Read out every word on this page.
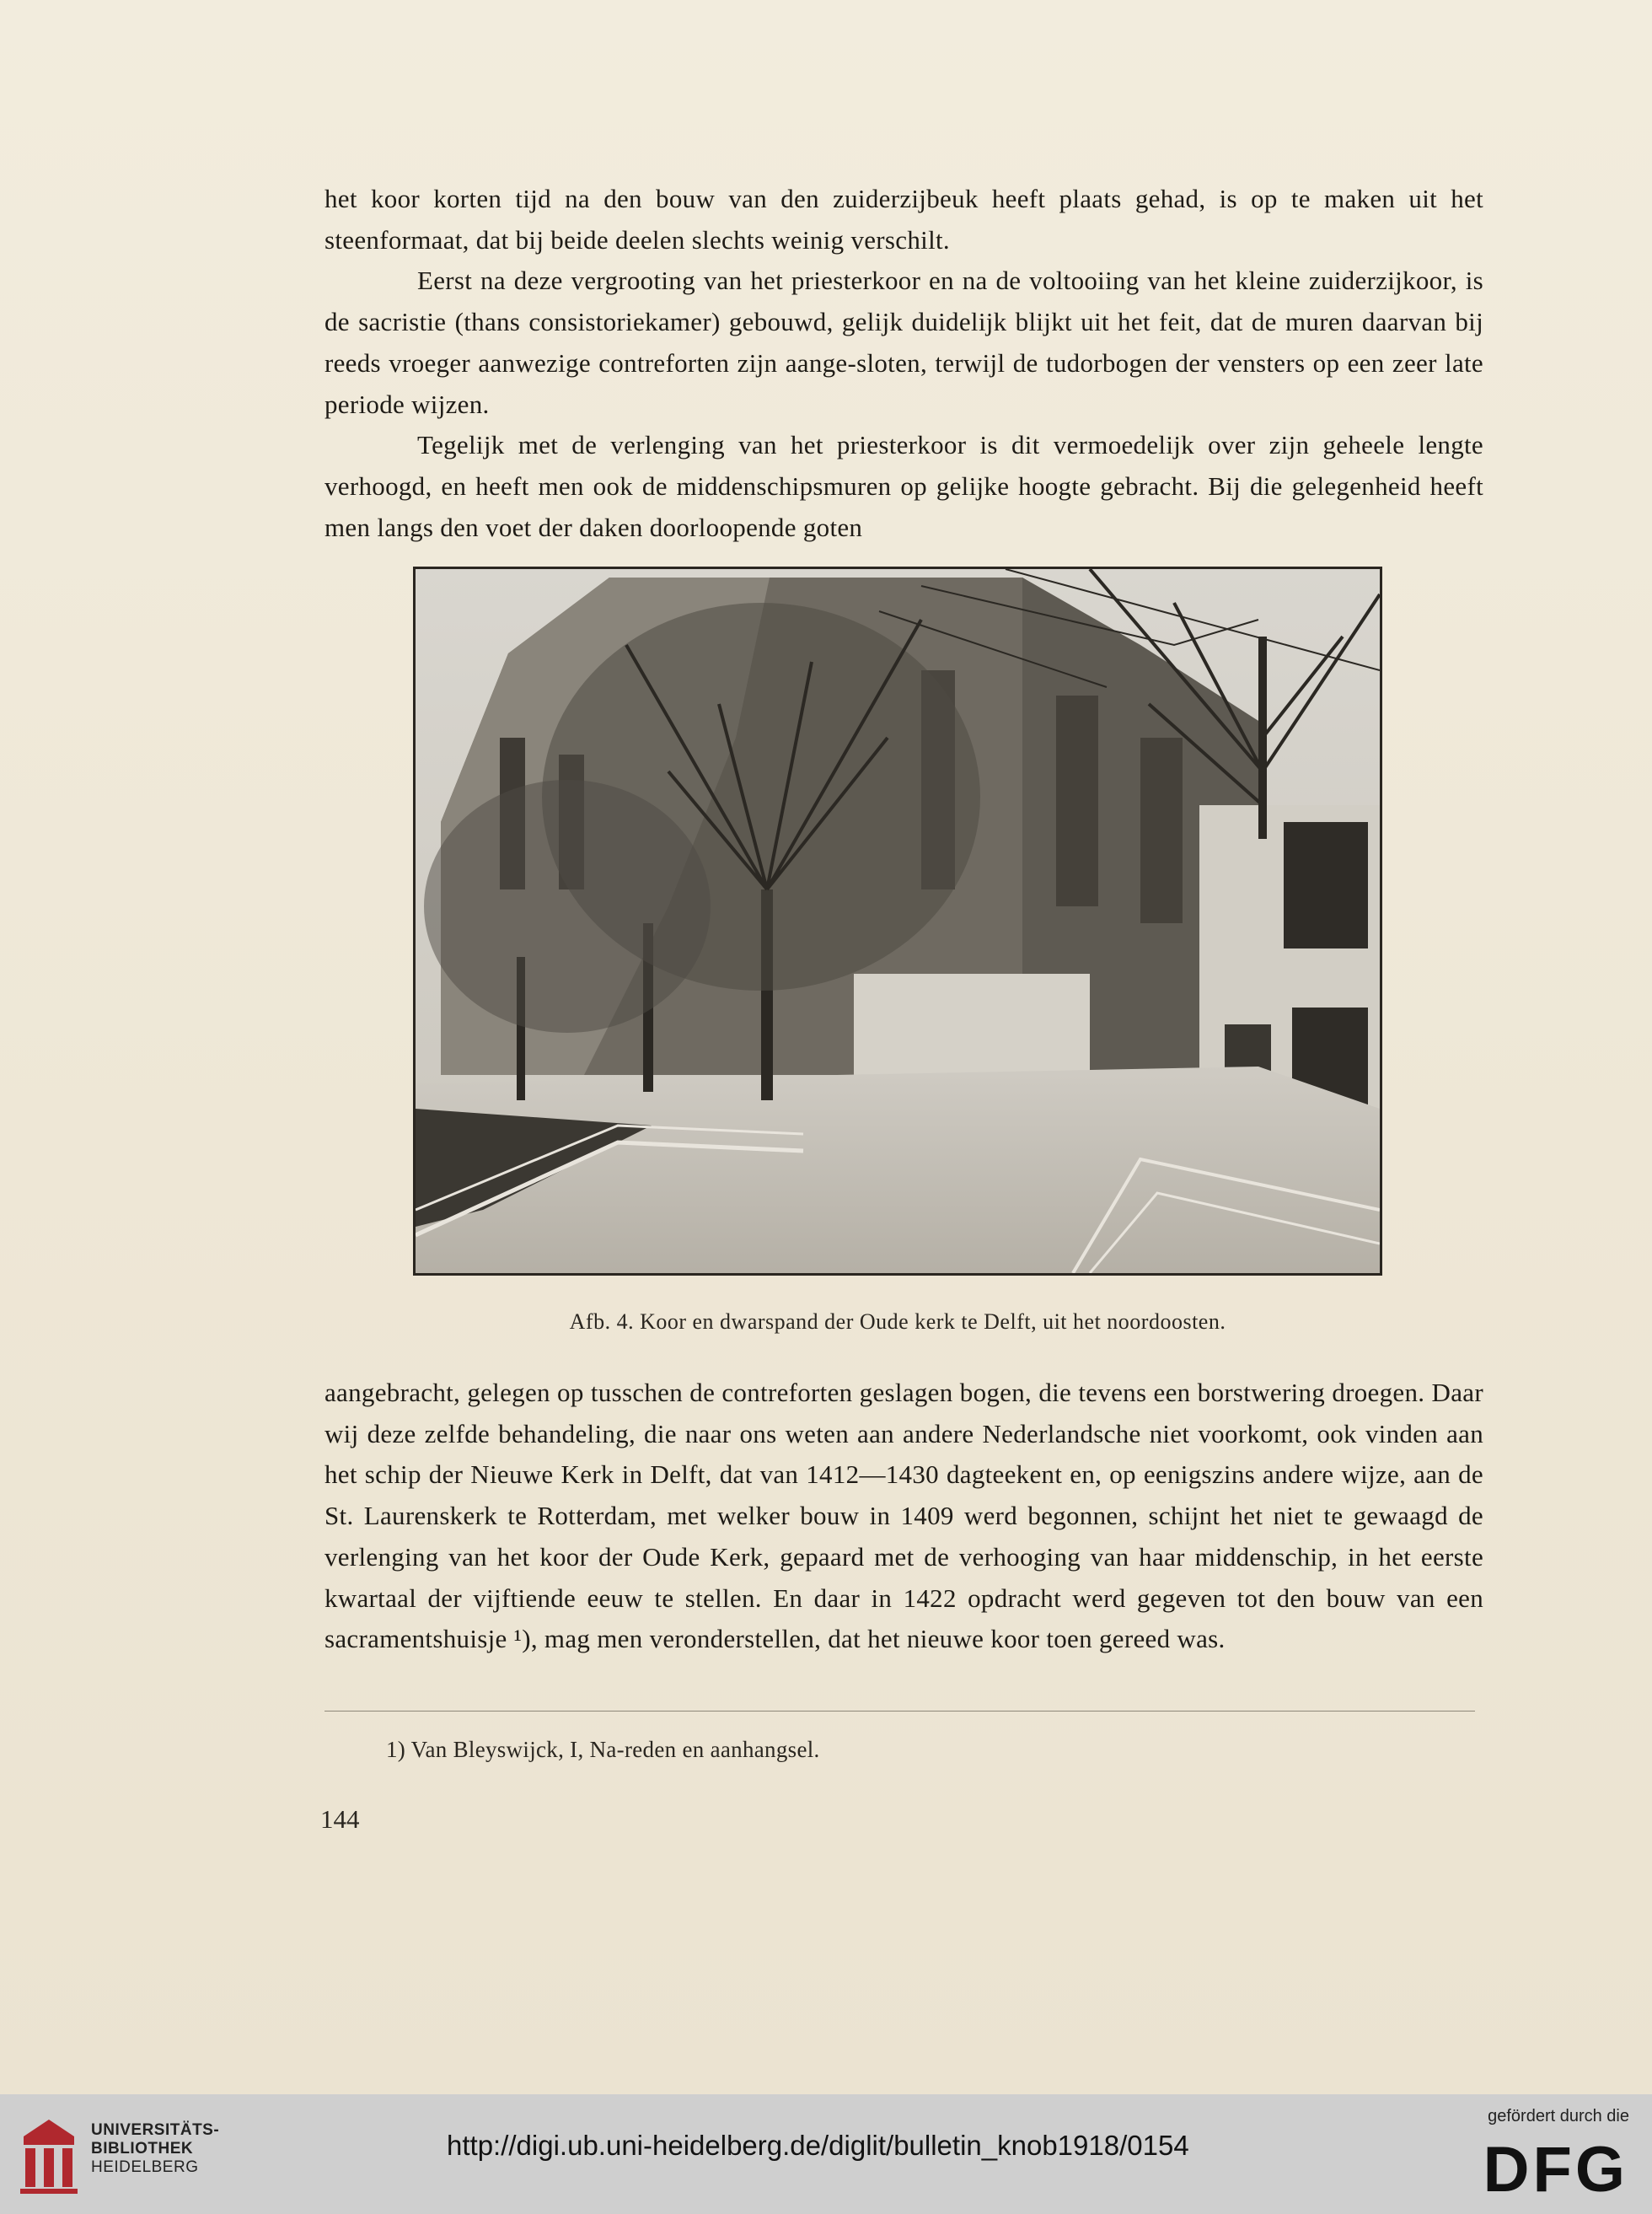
het koor korten tijd na den bouw van den zuiderzijbeuk heeft plaats gehad, is op te maken uit het steenformaat, dat bij beide deelen slechts weinig verschilt.

Eerst na deze vergrooting van het priesterkoor en na de voltooiing van het kleine zuiderzijkoor, is de sacristie (thans consistoriekamer) gebouwd, gelijk duidelijk blijkt uit het feit, dat de muren daarvan bij reeds vroeger aanwezige contreforten zijn aange-sloten, terwijl de tudorbogen der vensters op een zeer late periode wijzen.

Tegelijk met de verlenging van het priesterkoor is dit vermoedelijk over zijn geheele lengte verhoogd, en heeft men ook de middenschipsmuren op gelijke hoogte gebracht. Bij die gelegenheid heeft men langs den voet der daken doorloopende goten

Afb. 4. Koor en dwarspand der Oude kerk te Delft, uit het noordoosten.

aangebracht, gelegen op tusschen de contreforten geslagen bogen, die tevens een borstwering droegen. Daar wij deze zelfde behandeling, die naar ons weten aan andere Nederlandsche niet voorkomt, ook vinden aan het schip der Nieuwe Kerk in Delft, dat van 1412—1430 dagteekent en, op eenigszins andere wijze, aan de St. Laurenskerk te Rotterdam, met welker bouw in 1409 werd begonnen, schijnt het niet te gewaagd de verlenging van het koor der Oude Kerk, gepaard met de verhooging van haar middenschip, in het eerste kwartaal der vijftiende eeuw te stellen. En daar in 1422 opdracht werd gegeven tot den bouw van een sacramentshuisje ¹), mag men veronderstellen, dat het nieuwe koor toen gereed was.

1) Van Bleyswijck, I, Na-reden en aanhangsel.
144
UNIVERSITÄTS-
BIBLIOTHEK
HEIDELBERG
http://digi.ub.uni-heidelberg.de/diglit/bulletin_knob1918/0154
gefördert durch die
DFG
